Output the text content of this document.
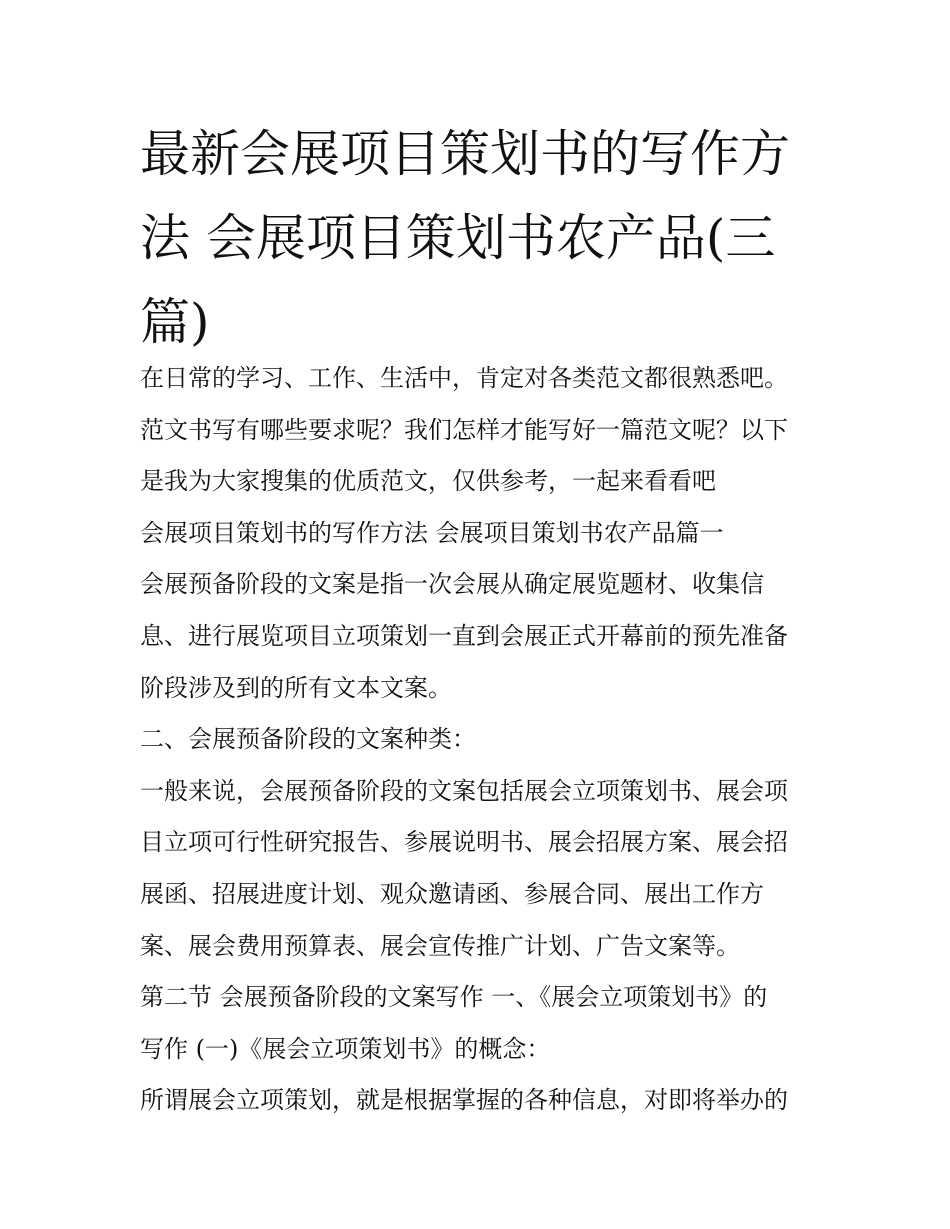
最新会展项目策划书的写作方
法 会展项目策划书农产品(三
篇)
在日常的学习、工作、生活中，肯定对各类范文都很熟悉吧。
范文书写有哪些要求呢？我们怎样才能写好一篇范文呢？以下
是我为大家搜集的优质范文，仅供参考，一起来看看吧
会展项目策划书的写作方法 会展项目策划书农产品篇一
会展预备阶段的文案是指一次会展从确定展览题材、收集信
息、进行展览项目立项策划一直到会展正式开幕前的预先准备
阶段涉及到的所有文本文案。
二、会展预备阶段的文案种类：
一般来说，会展预备阶段的文案包括展会立项策划书、展会项
目立项可行性研究报告、参展说明书、展会招展方案、展会招
展函、招展进度计划、观众邀请函、参展合同、展出工作方
案、展会费用预算表、展会宣传推广计划、广告文案等。
第二节 会展预备阶段的文案写作 一、《展会立项策划书》的
写作 (一)《展会立项策划书》的概念：
所谓展会立项策划，就是根据掌握的各种信息，对即将举办的
